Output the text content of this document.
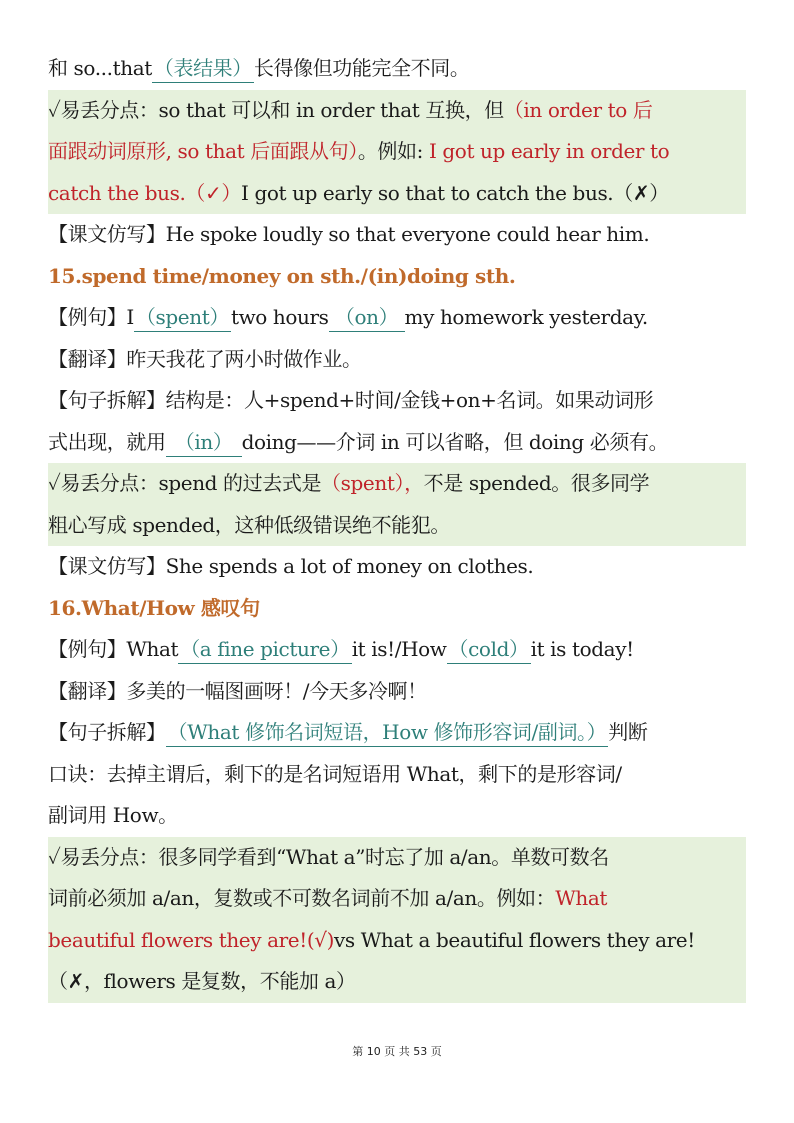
和 so...that （表结果） 长得像但功能完全不同。
✓易丢分点：so that 可以和 in order that 互换，但（in order to 后
面跟动词原形, so that 后面跟从句）。例如: I got up early in order to
catch the bus.（✓）I got up early so that to catch the bus.（✗）
【课文仿写】He spoke loudly so that everyone could hear him.
15.spend time/money on sth./(in)doing sth.
【例句】I （spent） two hours （on） my homework yesterday.
【翻译】昨天我花了两小时做作业。
【句子拆解】结构是：人+spend+时间/金钱+on+名词。如果动词形
式出现，就用 （in） doing——介词 in 可以省略，但 doing 必须有。
✓易丢分点：spend 的过去式是（spent），不是 spended。很多同学
粗心写成 spended，这种低级错误绝不能犯。
【课文仿写】She spends a lot of money on clothes.
16.What/How 感叹句
【例句】What （a fine picture） it is!/How （cold） it is today!
【翻译】多美的一幅图画呀！/今天多冷啊！
【句子拆解】 （What 修饰名词短语，How 修饰形容词/副词。） 判断
口诀：去掉主谓后，剩下的是名词短语用 What，剩下的是形容词/
副词用 How。
✓易丢分点：很多同学看到“What a”时忘了加 a/an。单数可数名
词前必须加 a/an，复数或不可数名词前不加 a/an。例如：What
beautiful flowers they are!(√)vs What a beautiful flowers they are!
（✗，flowers 是复数，不能加 a）
第 10 页 共 53 页
